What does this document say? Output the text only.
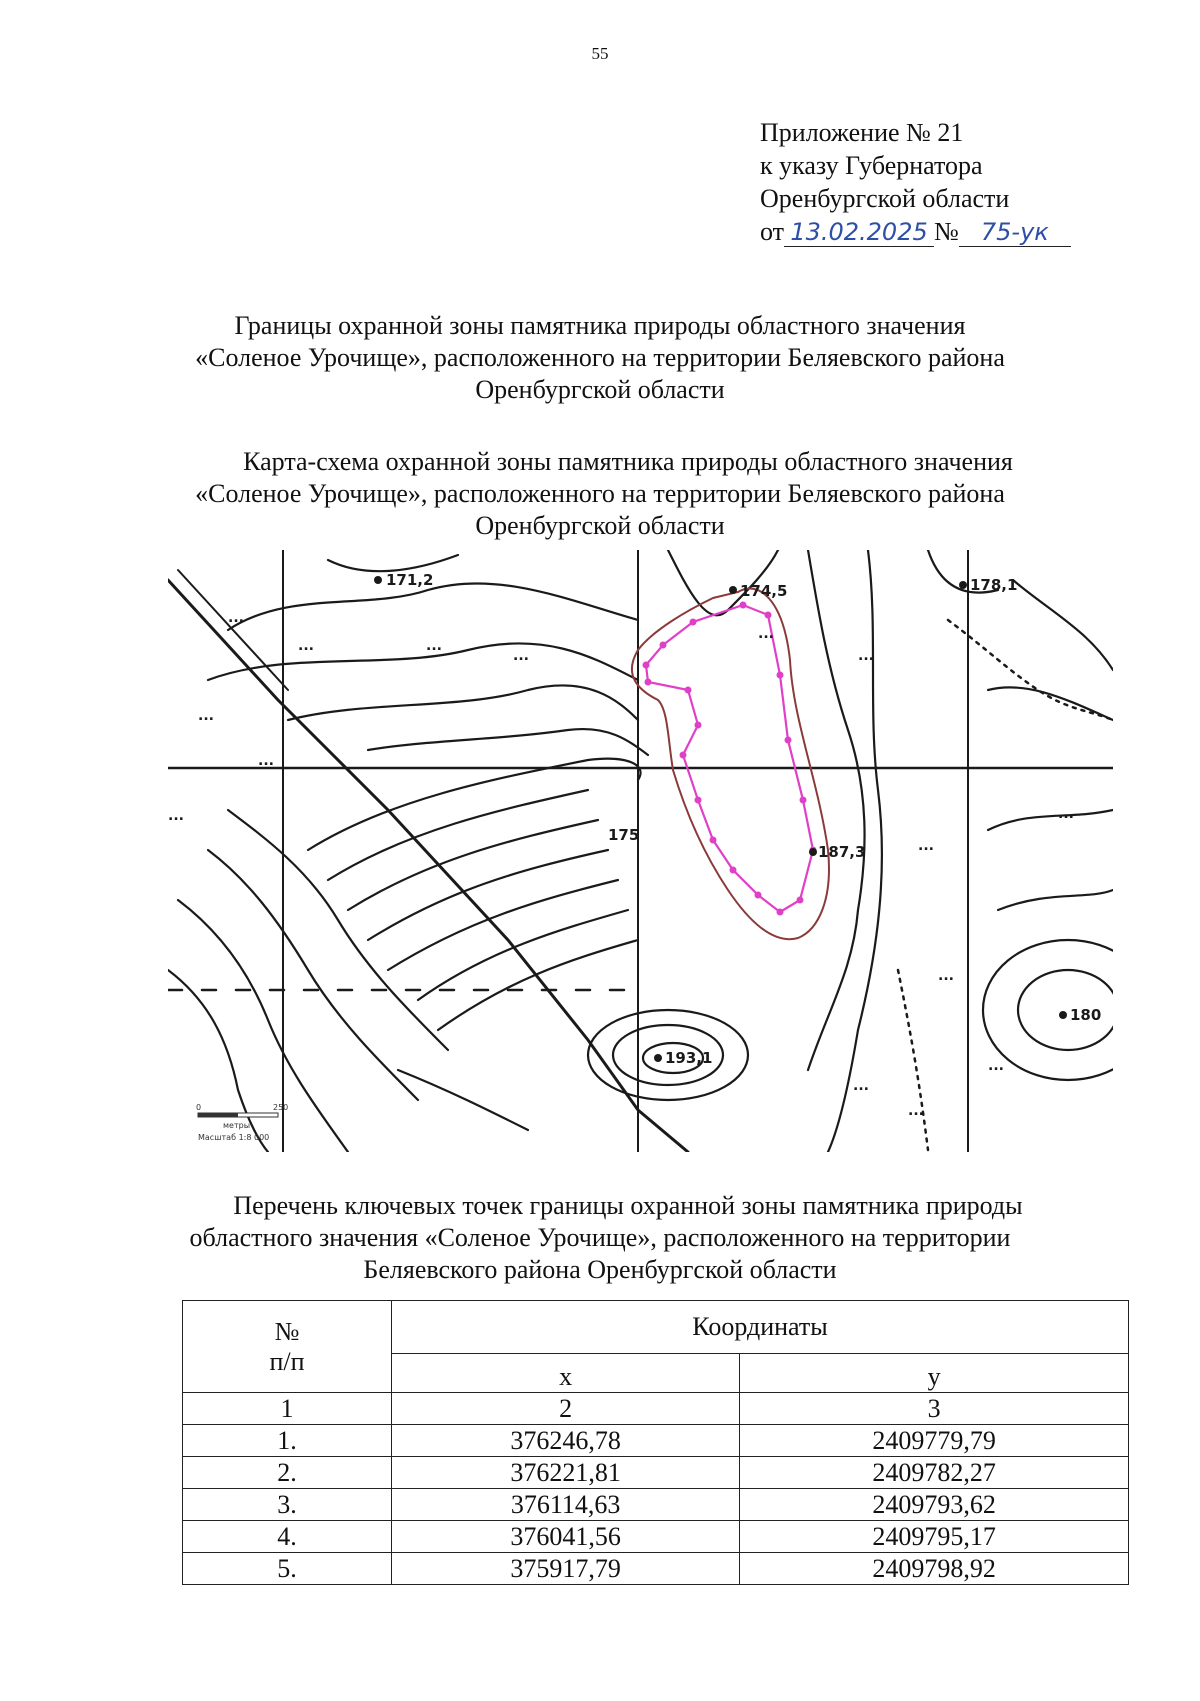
55
Приложение № 21
к указу Губернатора
Оренбургской области
от 13.02.2025 № 75-ук
Границы охранной зоны памятника природы областного значения
«Соленое Урочище», расположенного на территории Беляевского района
Оренбургской области
Карта-схема охранной зоны памятника природы областного значения
«Соленое Урочище», расположенного на территории Беляевского района
Оренбургской области
171,2
174,5	178,1
175
187,3
193,1
180
...
...	...
...	...
...
...
...
...	...
...
...
...
...
...
0	250
метры
Масштаб 1:8 000
Перечень ключевых точек границы охранной зоны памятника природы
областного значения «Соленое Урочище», расположенного на территории
Беляевского района Оренбургской области
№
п/п	Координаты	
	x	y
1	2	3
1.	376246,78	2409779,79
2.	376221,81	2409782,27
3.	376114,63	2409793,62
4.	376041,56	2409795,17
5.	375917,79	2409798,92
